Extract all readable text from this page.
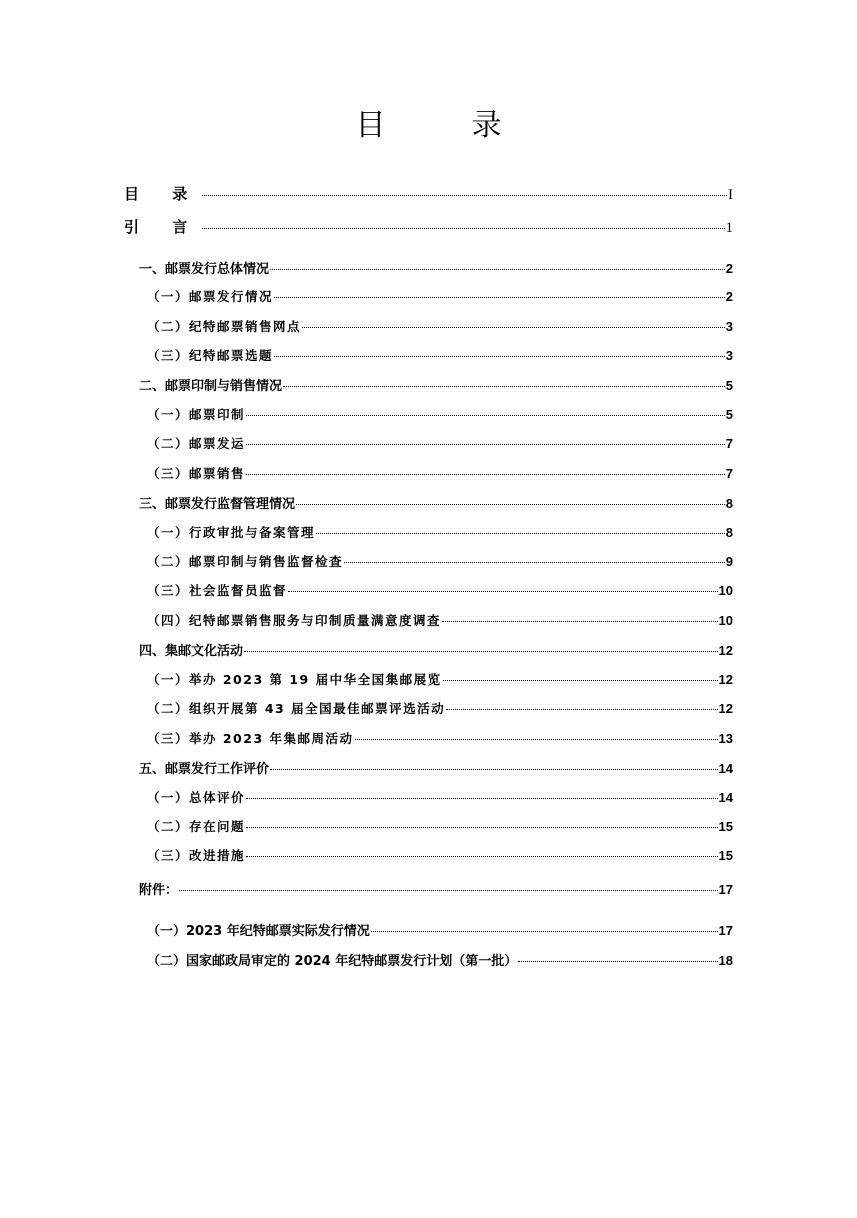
目　录
目 录	I
引 言	1
一、邮票发行总体情况	2
（一）邮票发行情况	2
（二）纪特邮票销售网点	3
（三）纪特邮票选题	3
二、邮票印制与销售情况	5
（一）邮票印制	5
（二）邮票发运	7
（三）邮票销售	7
三、邮票发行监督管理情况	8
（一）行政审批与备案管理	8
（二）邮票印制与销售监督检查	9
（三）社会监督员监督	10
（四）纪特邮票销售服务与印制质量满意度调查	10
四、集邮文化活动	12
（一）举办 2023 第 19 届中华全国集邮展览	12
（二）组织开展第 43 届全国最佳邮票评选活动	12
（三）举办 2023 年集邮周活动	13
五、邮票发行工作评价	14
（一）总体评价	14
（二）存在问题	15
（三）改进措施	15
附件：	17
（一）2023 年纪特邮票实际发行情况	17
（二）国家邮政局审定的 2024 年纪特邮票发行计划（第一批）	18
